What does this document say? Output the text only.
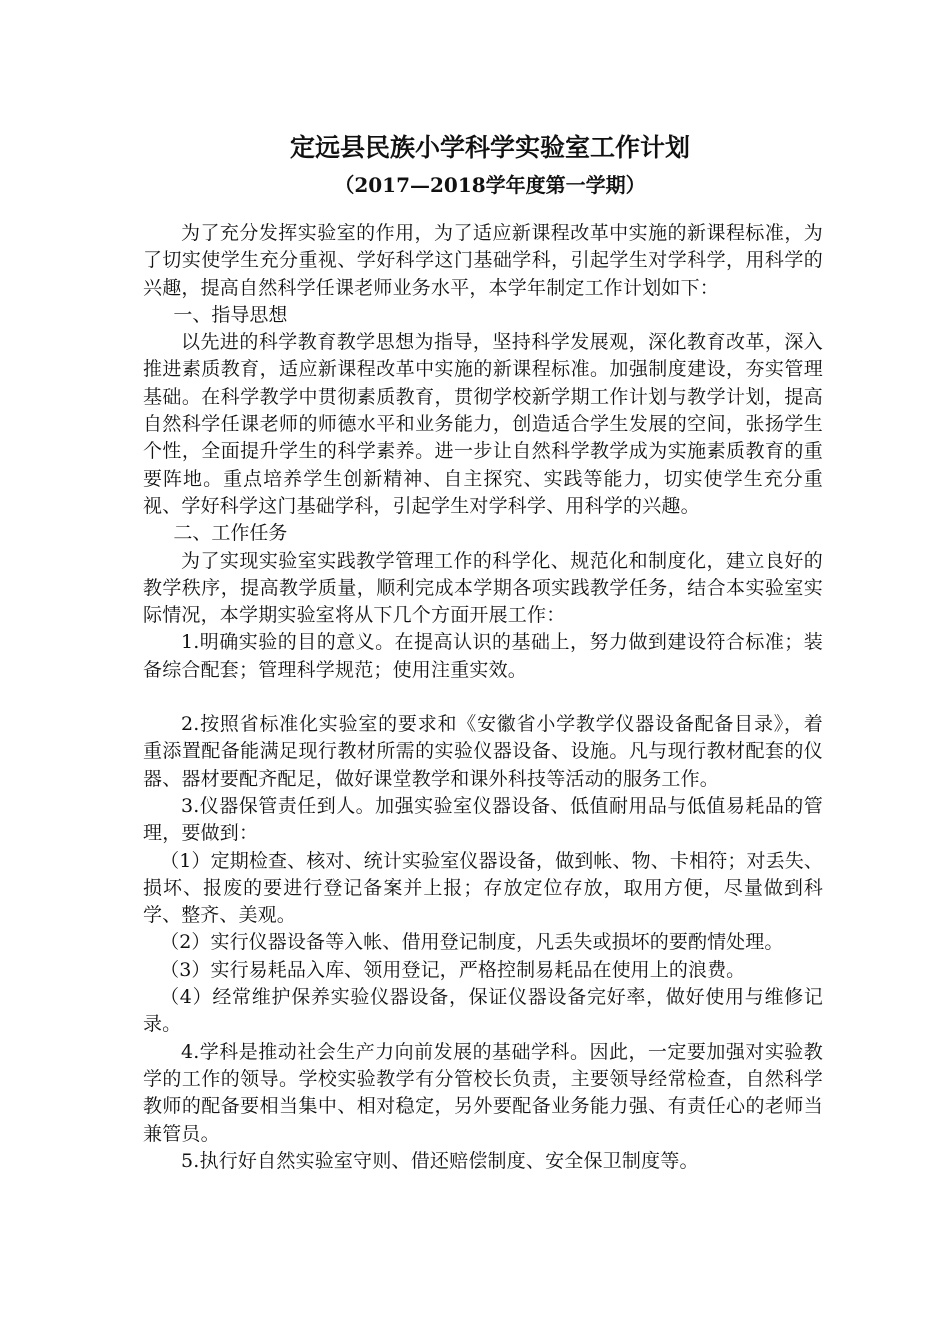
定远县民族小学科学实验室工作计划

（2017—2018学年度第一学期）

为了充分发挥实验室的作用，为了适应新课程改革中实施的新课程标准，为了切实使学生充分重视、学好科学这门基础学科，引起学生对学科学，用科学的兴趣，提高自然科学任课老师业务水平，本学年制定工作计划如下：

一、指导思想

以先进的科学教育教学思想为指导，坚持科学发展观，深化教育改革，深入推进素质教育，适应新课程改革中实施的新课程标准。加强制度建设，夯实管理基础。在科学教学中贯彻素质教育，贯彻学校新学期工作计划与教学计划，提高自然科学任课老师的师德水平和业务能力，创造适合学生发展的空间，张扬学生个性，全面提升学生的科学素养。进一步让自然科学教学成为实施素质教育的重要阵地。重点培养学生创新精神、自主探究、实践等能力，切实使学生充分重视、学好科学这门基础学科，引起学生对学科学、用科学的兴趣。

二、工作任务

为了实现实验室实践教学管理工作的科学化、规范化和制度化，建立良好的教学秩序，提高教学质量，顺利完成本学期各项实践教学任务，结合本实验室实际情况，本学期实验室将从下几个方面开展工作：

1.明确实验的目的意义。在提高认识的基础上，努力做到建设符合标准；装备综合配套；管理科学规范；使用注重实效。

2.按照省标准化实验室的要求和《安徽省小学教学仪器设备配备目录》，着重添置配备能满足现行教材所需的实验仪器设备、设施。凡与现行教材配套的仪器、器材要配齐配足，做好课堂教学和课外科技等活动的服务工作。

3.仪器保管责任到人。加强实验室仪器设备、低值耐用品与低值易耗品的管理，要做到：

（1）定期检查、核对、统计实验室仪器设备，做到帐、物、卡相符；对丢失、损坏、报废的要进行登记备案并上报；存放定位存放，取用方便，尽量做到科学、整齐、美观。

（2）实行仪器设备等入帐、借用登记制度，凡丢失或损坏的要酌情处理。

（3）实行易耗品入库、领用登记，严格控制易耗品在使用上的浪费。

（4）经常维护保养实验仪器设备，保证仪器设备完好率，做好使用与维修记录。

4.学科是推动社会生产力向前发展的基础学科。因此，一定要加强对实验教学的工作的领导。学校实验教学有分管校长负责，主要领导经常检查，自然科学教师的配备要相当集中、相对稳定，另外要配备业务能力强、有责任心的老师当兼管员。

5.执行好自然实验室守则、借还赔偿制度、安全保卫制度等。
